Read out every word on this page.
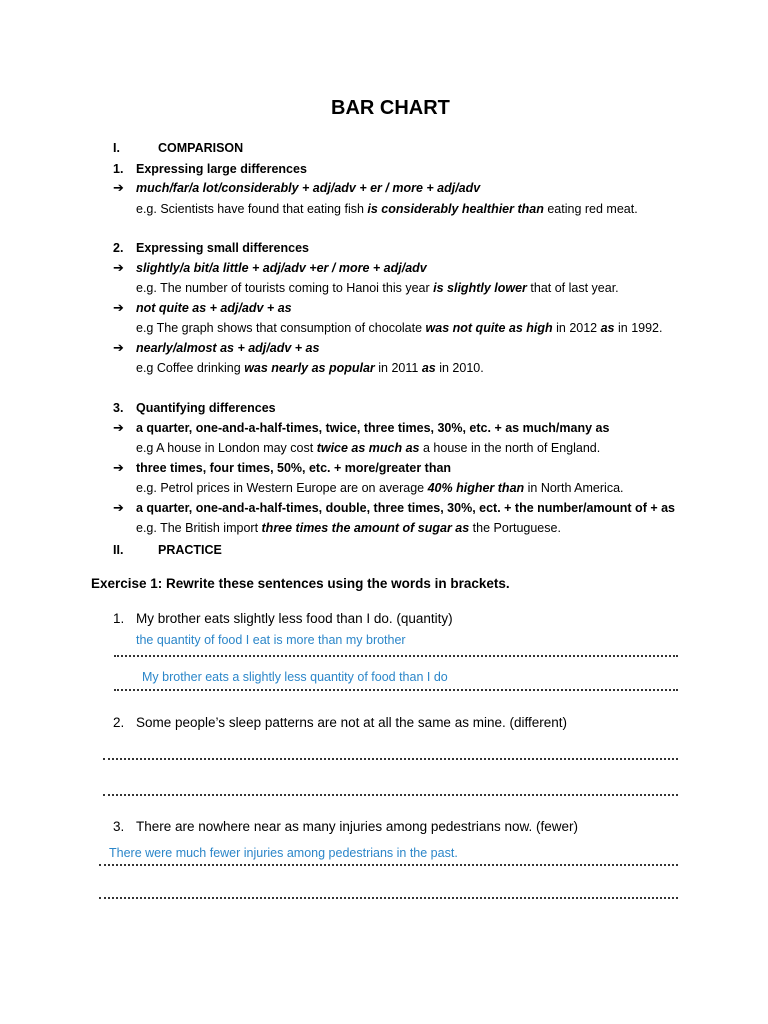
BAR CHART
I.	COMPARISON
1. Expressing large differences
➔ much/far/a lot/considerably + adj/adv + er / more + adj/adv
e.g. Scientists have found that eating fish is considerably healthier than eating red meat.
2. Expressing small differences
➔ slightly/a bit/a little + adj/adv +er / more + adj/adv
e.g. The number of tourists coming to Hanoi this year is slightly lower that of last year.
➔ not quite as + adj/adv + as
e.g The graph shows that consumption of chocolate was not quite as high in 2012 as in 1992.
➔ nearly/almost as + adj/adv + as
e.g Coffee drinking was nearly as popular in 2011 as in 2010.
3. Quantifying differences
➔ a quarter, one-and-a-half-times, twice, three times, 30%, etc. + as much/many as
e.g A house in London may cost twice as much as a house in the north of England.
➔ three times, four times, 50%, etc. + more/greater than
e.g. Petrol prices in Western Europe are on average 40% higher than in North America.
➔ a quarter, one-and-a-half-times, double, three times, 30%, ect. + the number/amount of + as
e.g. The British import three times the amount of sugar as the Portuguese.
II.	PRACTICE
Exercise 1: Rewrite these sentences using the words in brackets.
1. My brother eats slightly less food than I do. (quantity)
the quantity of food I eat is more than my brother
My brother eats a slightly less quantity of food than I do
2. Some people’s sleep patterns are not at all the same as mine. (different)
3. There are nowhere near as many injuries among pedestrians now. (fewer)
There were much fewer injuries among pedestrians in the past.
